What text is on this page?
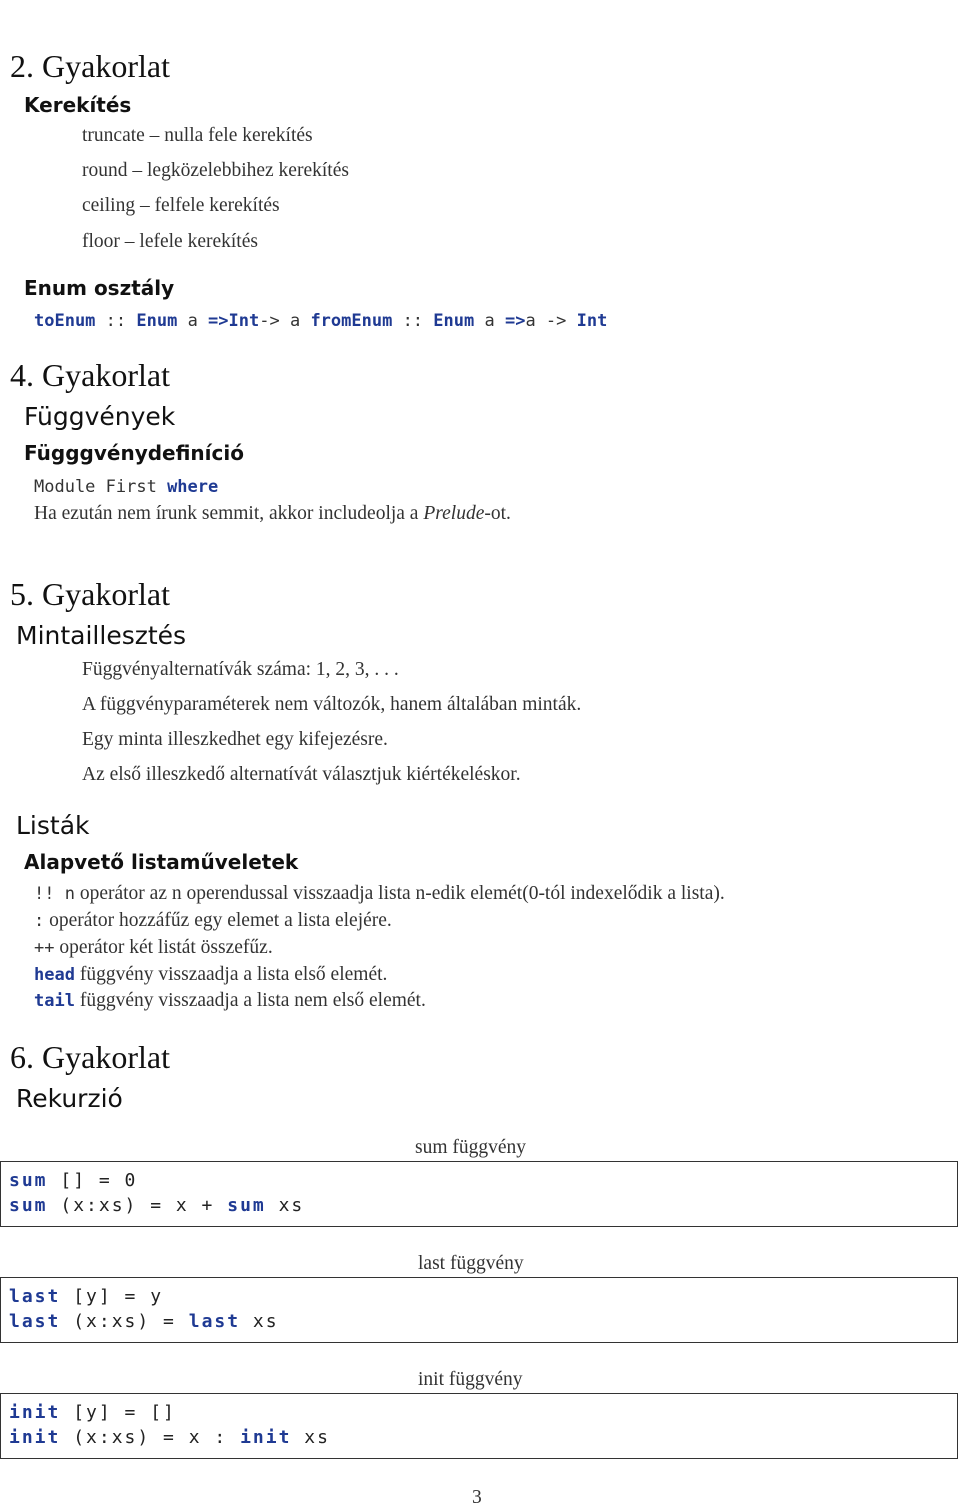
2. Gyakorlat
Kerekítés
truncate – nulla fele kerekítés
round – legközelebbihez kerekítés
ceiling – felfele kerekítés
floor – lefele kerekítés
Enum osztály
toEnum :: Enum a =>Int-> a fromEnum :: Enum a =>a -> Int
4. Gyakorlat
Függvények
Függgvénydefiníció
Module First where
Ha ezután nem írunk semmit, akkor includeolja a Prelude-ot.
5. Gyakorlat
Mintaillesztés
Függvényalternatívák száma: 1, 2, 3, . . .
A függvényparaméterek nem változók, hanem általában minták.
Egy minta illeszkedhet egy kifejezésre.
Az első illeszkedő alternatívát választjuk kiértékeléskor.
Listák
Alapvető listaműveletek
!! n operátor az n operendussal visszaadja lista n-edik elemét(0-tól indexelődik a lista).
: operátor hozzáfűz egy elemet a lista elejére.
++ operátor két listát összefűz.
head függvény visszaadja a lista első elemét.
tail függvény visszaadja a lista nem első elemét.
6. Gyakorlat
Rekurzió
sum függvény
sum [] = 0
sum (x:xs) = x + sum xs
last függvény
last [y] = y
last (x:xs) = last xs
init függvény
init [y] = []
init (x:xs) = x : init xs
3
